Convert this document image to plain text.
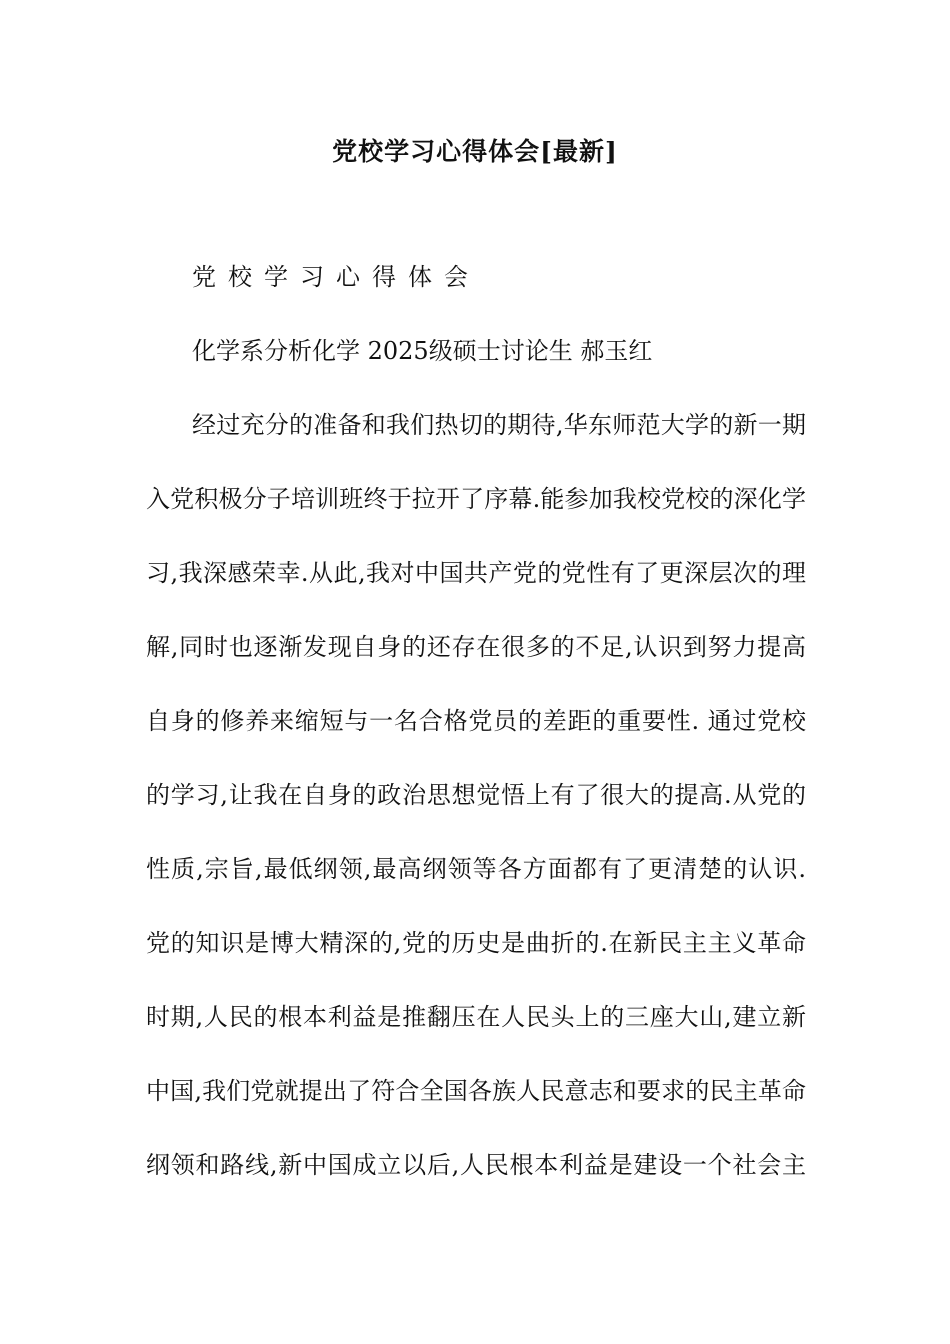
党校学习心得体会[最新]
党校学习心得体会
化学系分析化学 2025级硕士讨论生 郝玉红
经过充分的准备和我们热切的期待,华东师范大学的新一期
入党积极分子培训班终于拉开了序幕.能参加我校党校的深化学
习,我深感荣幸.从此,我对中国共产党的党性有了更深层次的理
解,同时也逐渐发现自身的还存在很多的不足,认识到努力提高
自身的修养来缩短与一名合格党员的差距的重要性. 通过党校
的学习,让我在自身的政治思想觉悟上有了很大的提高.从党的
性质,宗旨,最低纲领,最高纲领等各方面都有了更清楚的认识.
党的知识是博大精深的,党的历史是曲折的.在新民主主义革命
时期,人民的根本利益是推翻压在人民头上的三座大山,建立新
中国,我们党就提出了符合全国各族人民意志和要求的民主革命
纲领和路线,新中国成立以后,人民根本利益是建设一个社会主
